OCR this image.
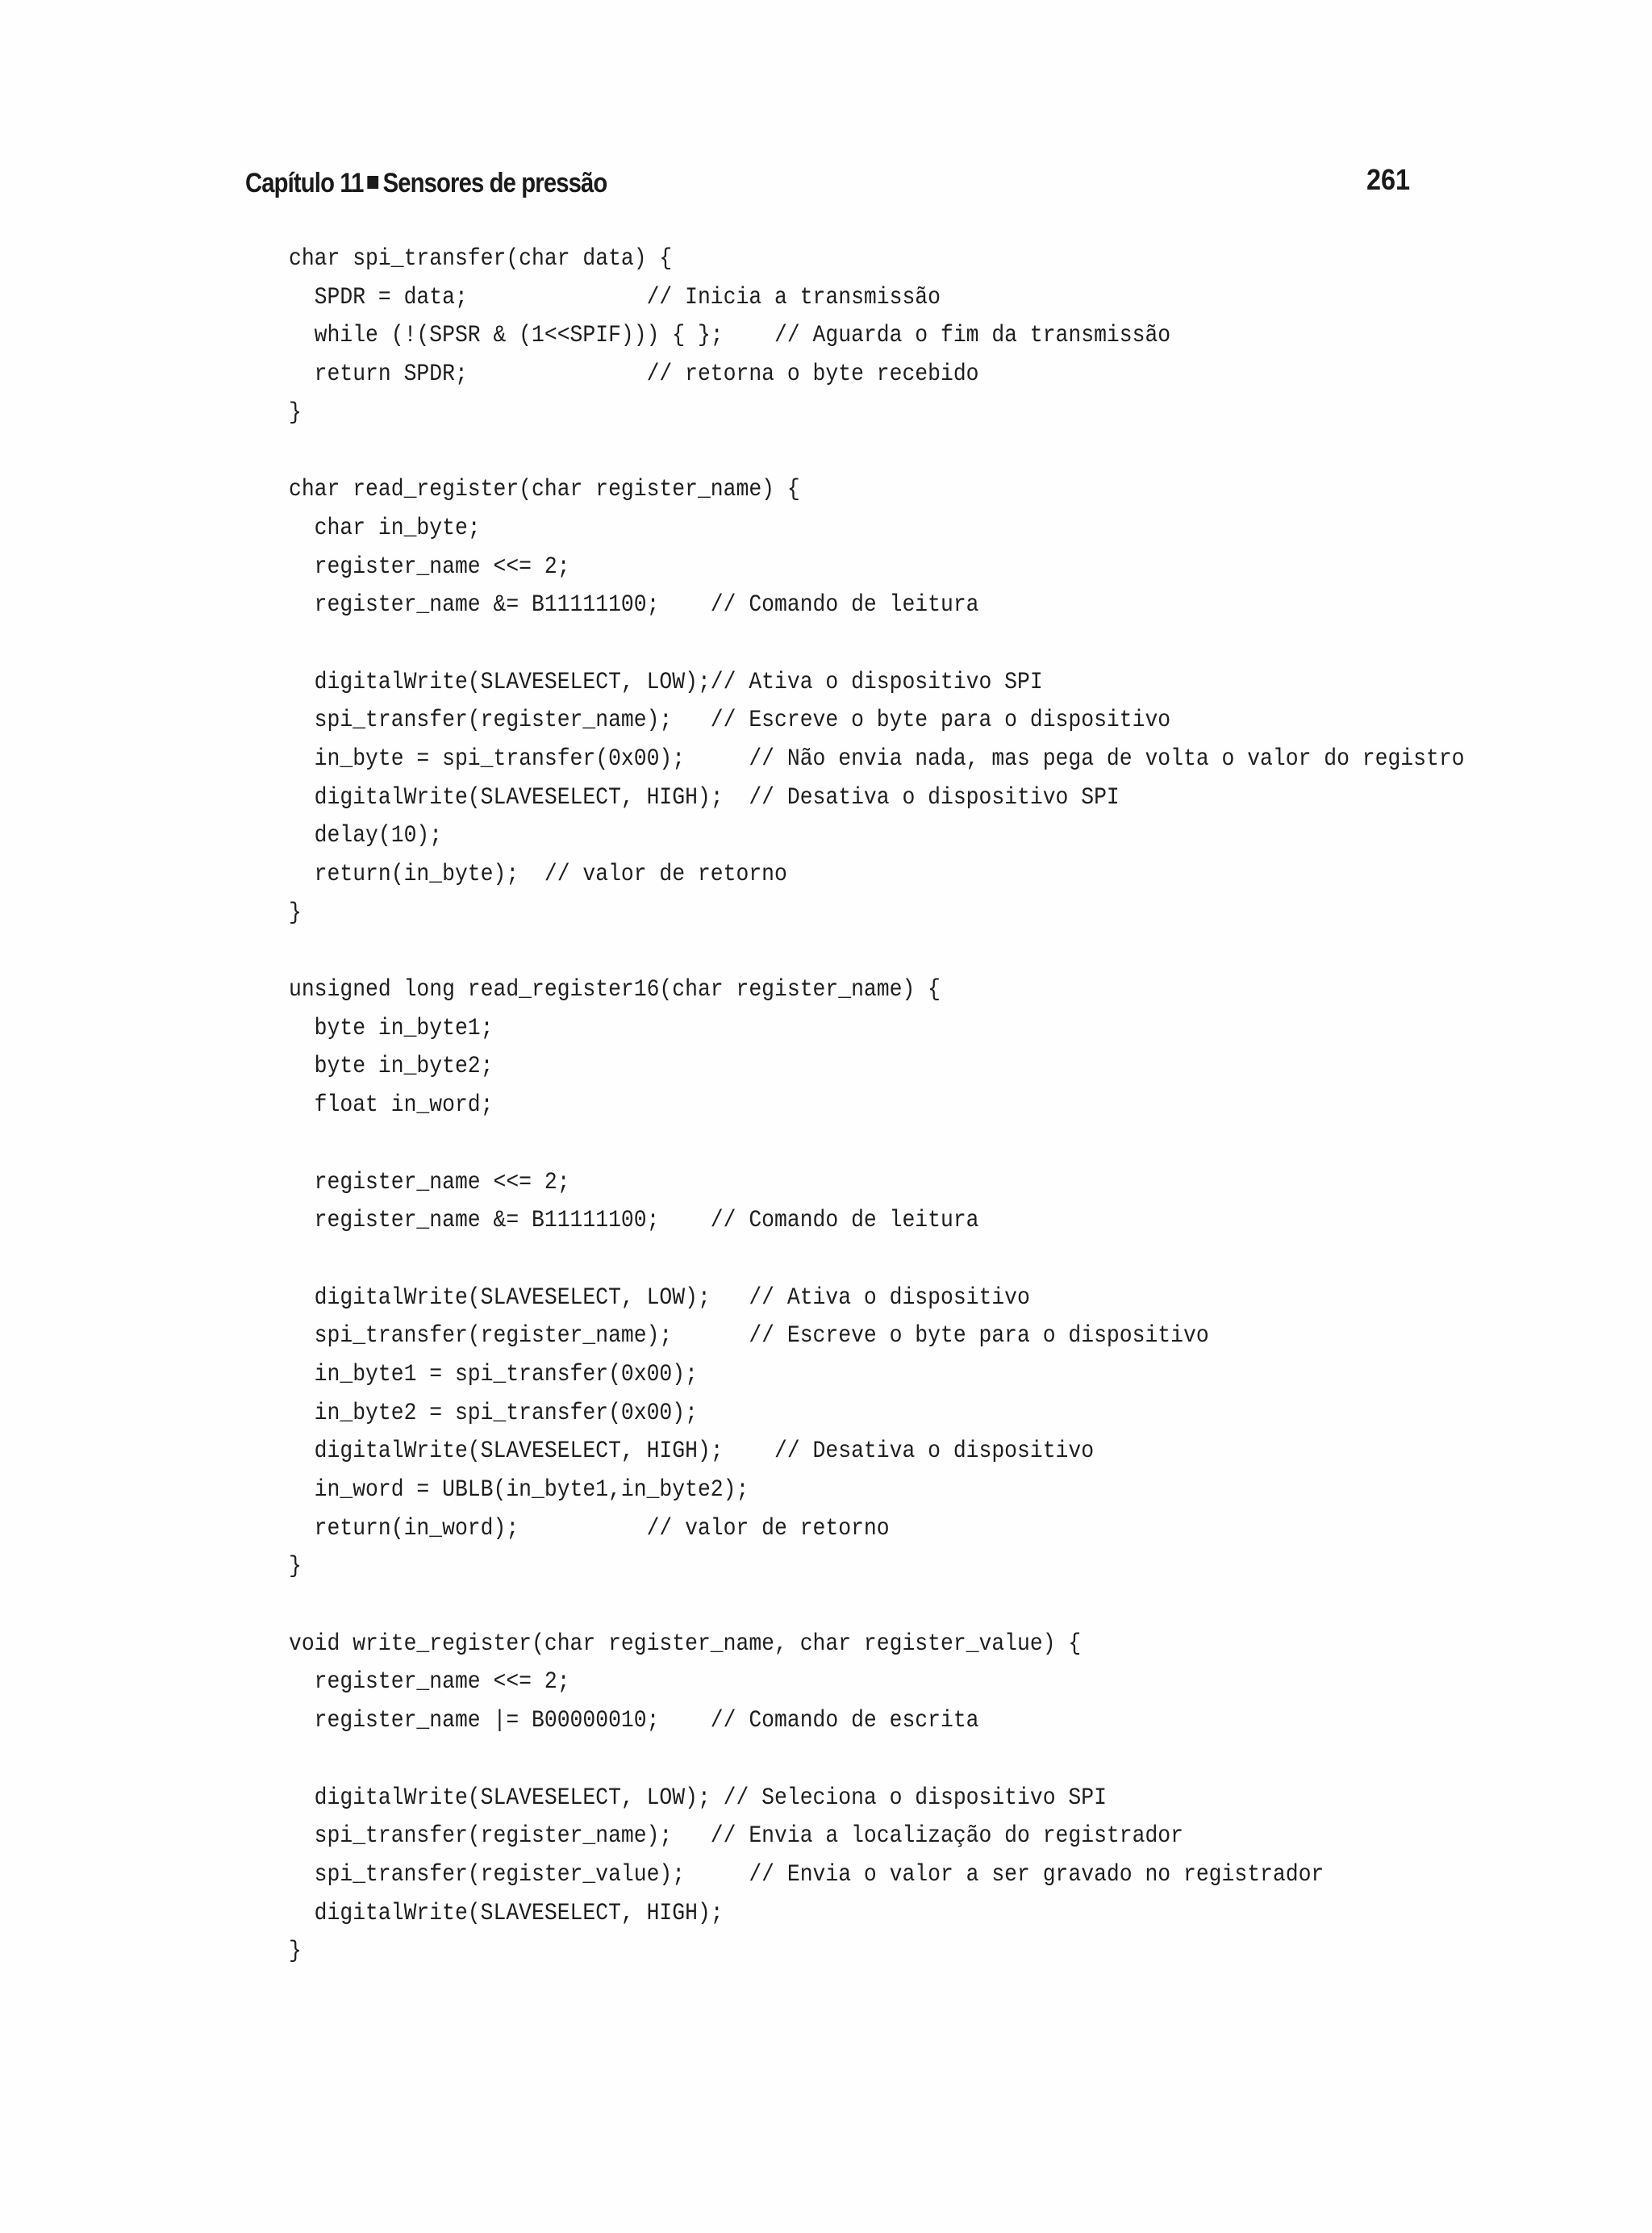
Capítulo 11 Sensores de pressão	261
char spi_transfer(char data) {
SPDR = data;              // Inicia a transmissão
while (!(SPSR & (1<<SPIF))) { };    // Aguarda o fim da transmissão
return SPDR;              // retorna o byte recebido
}

char read_register(char register_name) {
char in_byte;
register_name <<= 2;
register_name &= B11111100;    // Comando de leitura

digitalWrite(SLAVESELECT, LOW);// Ativa o dispositivo SPI
spi_transfer(register_name);   // Escreve o byte para o dispositivo
in_byte = spi_transfer(0x00);     // Não envia nada, mas pega de volta o valor do registro
digitalWrite(SLAVESELECT, HIGH);  // Desativa o dispositivo SPI
delay(10);
return(in_byte);  // valor de retorno
}

unsigned long read_register16(char register_name) {
byte in_byte1;
byte in_byte2;
float in_word;

register_name <<= 2;
register_name &= B11111100;    // Comando de leitura

digitalWrite(SLAVESELECT, LOW);   // Ativa o dispositivo
spi_transfer(register_name);      // Escreve o byte para o dispositivo
in_byte1 = spi_transfer(0x00);
in_byte2 = spi_transfer(0x00);
digitalWrite(SLAVESELECT, HIGH);    // Desativa o dispositivo
in_word = UBLB(in_byte1,in_byte2);
return(in_word);          // valor de retorno
}

void write_register(char register_name, char register_value) {
register_name <<= 2;
register_name |= B00000010;    // Comando de escrita

digitalWrite(SLAVESELECT, LOW); // Seleciona o dispositivo SPI
spi_transfer(register_name);   // Envia a localização do registrador
spi_transfer(register_value);     // Envia o valor a ser gravado no registrador
digitalWrite(SLAVESELECT, HIGH);
}
